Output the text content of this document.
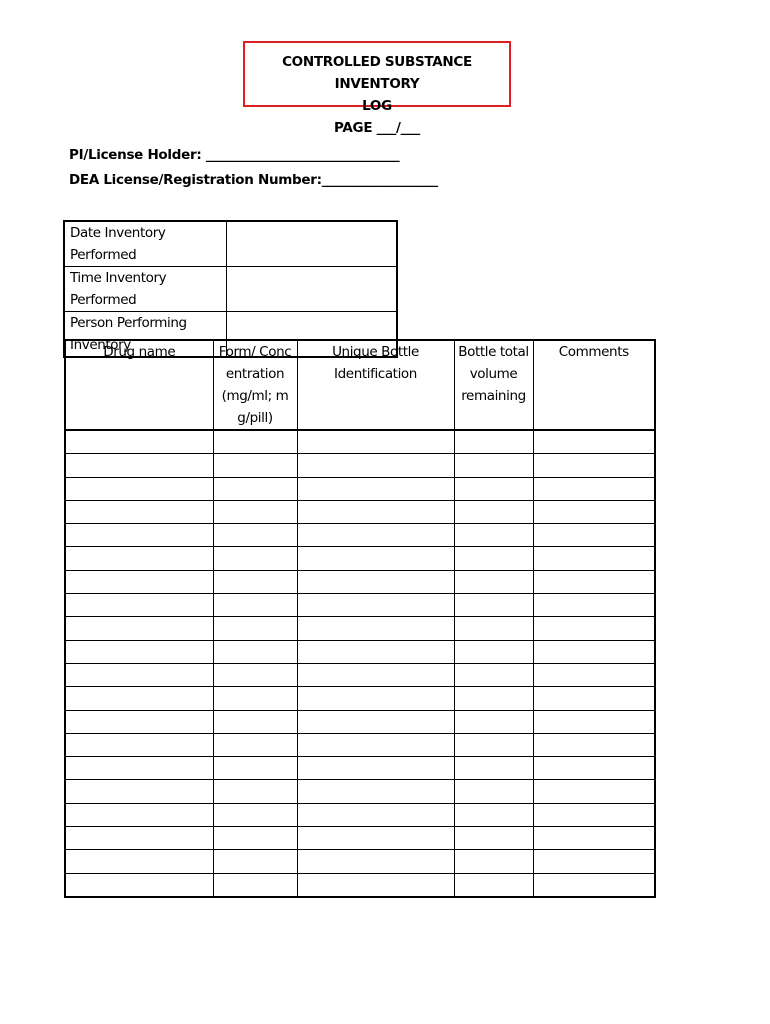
CONTROLLED SUBSTANCE INVENTORY
LOG
PAGE ___/___
PI/License Holder: ______________________________
DEA License/Registration Number:__________________
Date Inventory Performed	
Time Inventory Performed	
Person Performing Inventory	
Drug name	Form/ Concentration (mg/ml; mg/pill)	Unique Bottle Identification	Bottle total volume remaining	Comments
